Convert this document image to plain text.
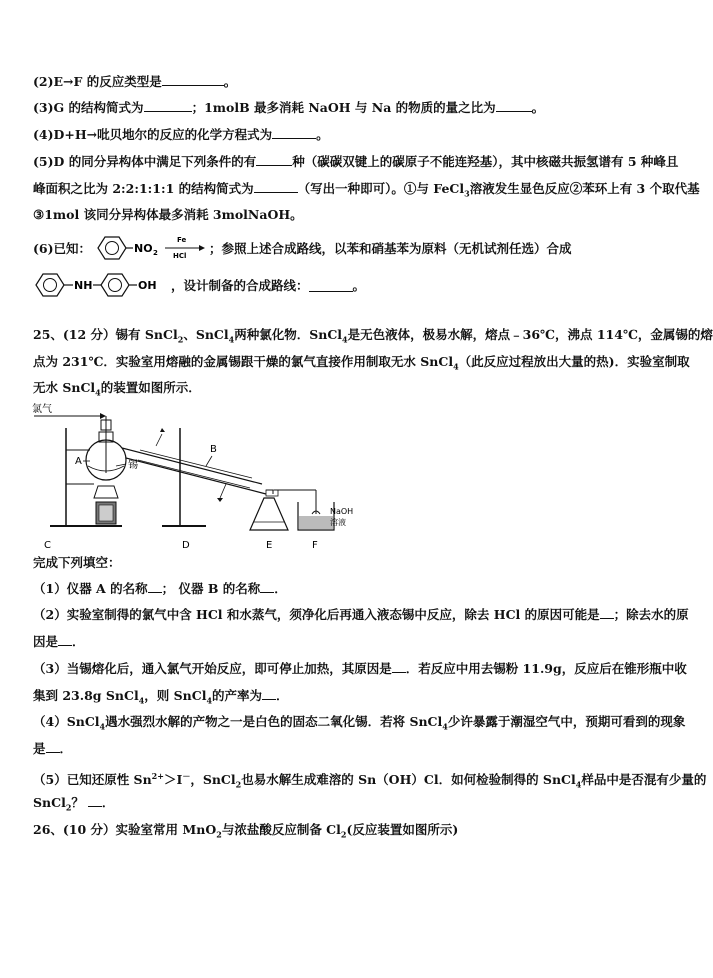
(2)E→F 的反应类型是	。
(3)G 的结构简式为	；1molB 最多消耗 NaOH 与 Na 的物质的量之比为	。
(4)D+H→吡贝地尔的反应的化学方程式为	。
(5)D 的同分异构体中满足下列条件的有	种（碳碳双键上的碳原子不能连羟基），其中核磁共振氢谱有 5 种峰且
峰面积之比为 2:2:1:1:1 的结构简式为	（写出一种即可）。①与 FeCl$_3$溶液发生显色反应②苯环上有 3 个取代基
③1mol 该同分异构体最多消耗 3molNaOH。
(6)已知：	NO 2
Fe
HCl ；参照上述合成路线，以苯和硝基苯为原料（无机试剂任选）合成
NH	OH ，设计制备的合成路线：	。
25、(12 分）锡有 SnCl$_2$、SnCl$_4$两种氯化物．SnCl$_4$是无色液体，极易水解，熔点﹣36℃，沸点 114℃，金属锡的熔
点为 231℃．实验室用熔融的金属锡跟干燥的氯气直接作用制取无水 SnCl$_4$（此反应过程放出大量的热)．实验室制取
无水 SnCl$_4$的装置如图所示．
氯气
A	锡
C	D
B
E
NaOH
溶液
F
完成下列填空：
（1）仪器 A 的名称 ； 仪器 B 的名称 ．
（2）实验室制得的氯气中含 HCl 和水蒸气，须净化后再通入液态锡中反应，除去 HCl 的原因可能是 ；除去水的原
因是 ．
（3）当锡熔化后，通入氯气开始反应，即可停止加热，其原因是 ．若反应中用去锡粉 11.9g，反应后在锥形瓶中收
集到 23.8g SnCl$_4$，则 SnCl$_4$的产率为 ．
（4）SnCl$_4$遇水强烈水解的产物之一是白色的固态二氧化锡．若将 SnCl$_4$少许暴露于潮湿空气中，预期可看到的现象
是 ．
（5）已知还原性 $Sn^{2+}>I^-$，SnCl$_2$也易水解生成难溶的 Sn（OH）Cl．如何检验制得的 SnCl$_4$样品中是否混有少量的
SnCl$_2$？ ．
26、(10 分）实验室常用 MnO$_2$与浓盐酸反应制备 $Cl_2$(反应装置如图所示)
